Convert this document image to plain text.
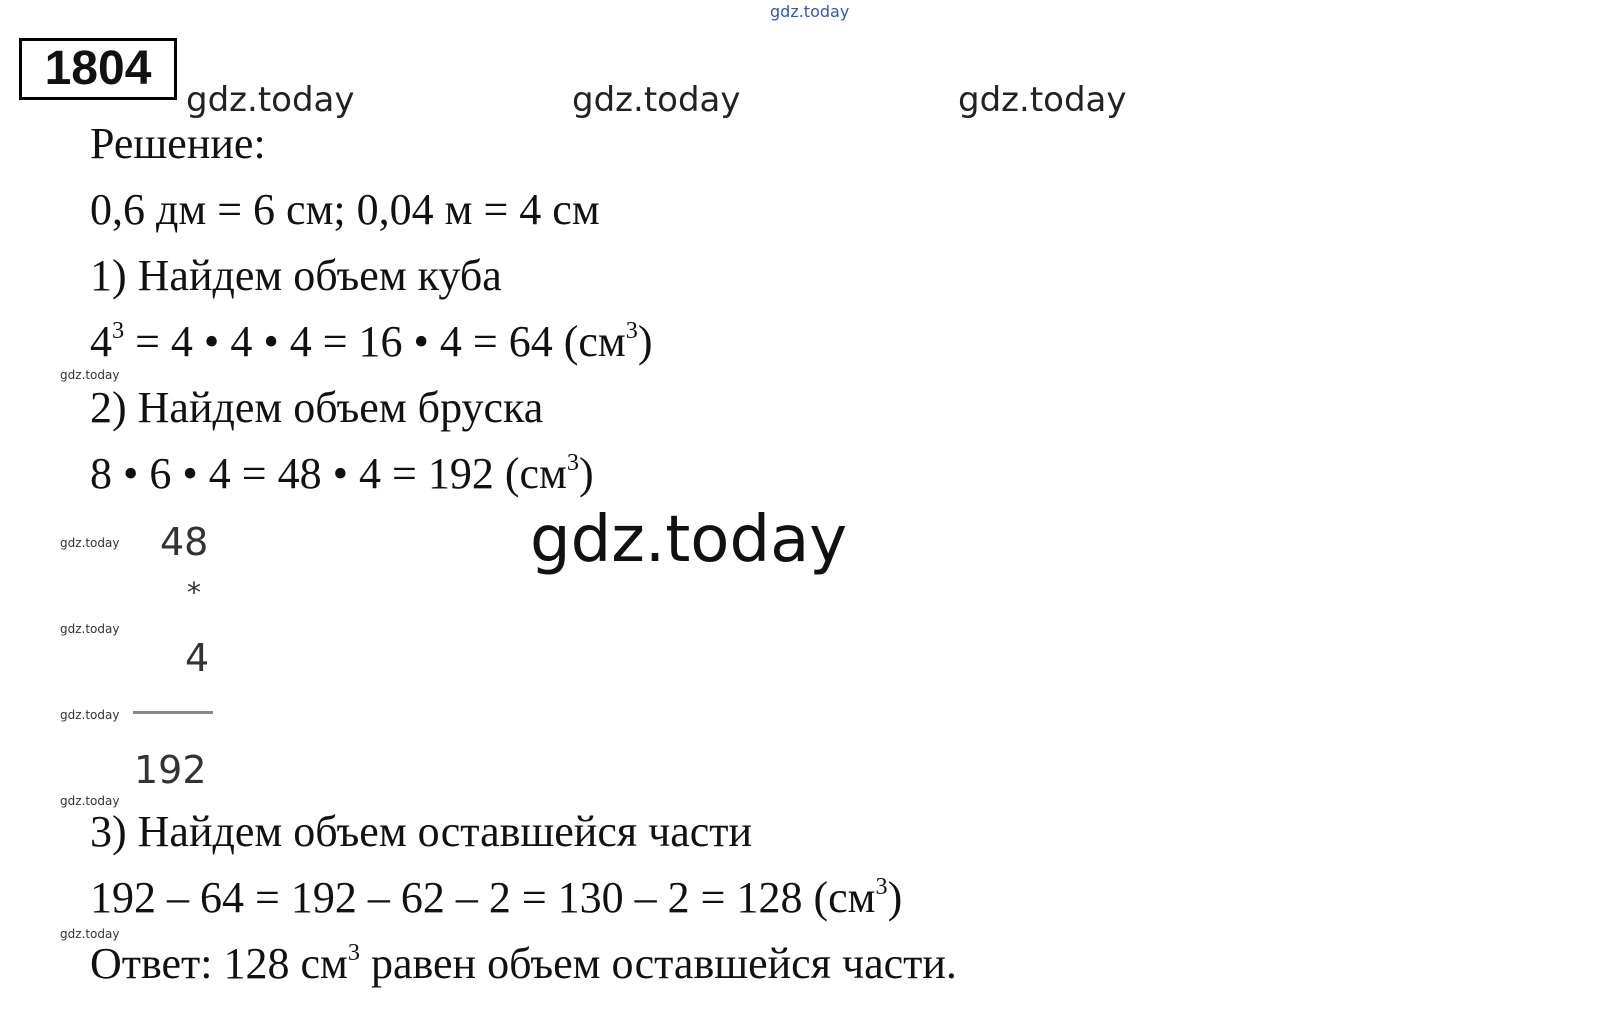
gdz.today
gdz.today	gdz.today	gdz.today
gdz.today
gdz.today
gdz.today
gdz.today
gdz.today
gdz.today
gdz.today
1804
Решение:
0,6 дм = 6 см; 0,04 м = 4 см
1) Найдем объем куба
$4^3 = 4$ • 4 • 4 = 16 • 4 = 64 $(см^3)$
2) Найдем объем бруска
8 • 6 • 4 = 48 • 4 = 192 $(см^3)$
48
*
4
192
3) Найдем объем оставшейся части
192 – 64 = 192 – 62 – 2 = 130 – 2 = 128 $(см^3)$
Ответ: 128 $см^3$ равен объем оставшейся части.
